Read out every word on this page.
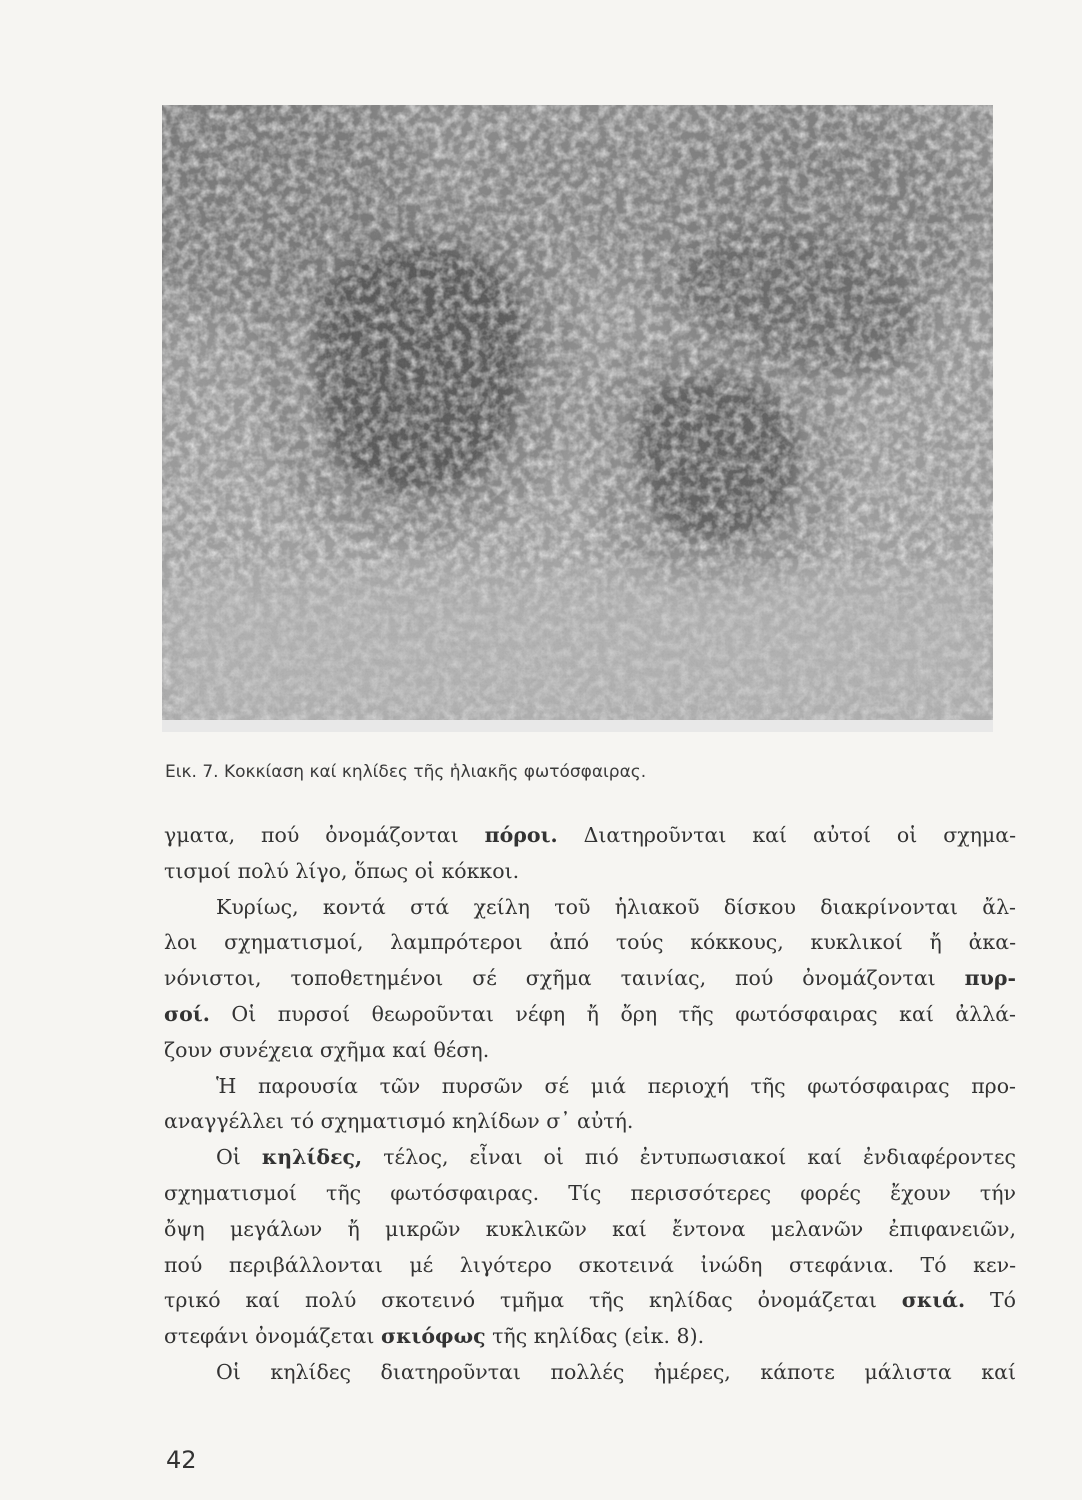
Εικ. 7. Κοκκίαση καί κηλίδες τῆς ἡλιακῆς φωτόσφαιρας.

γματα, πού ὀνομάζονται πόροι. Διατηροῦνται καί αὐτοί οἱ σχημα-
τισμοί πολύ λίγο, ὅπως οἱ κόκκοι.

Κυρίως, κοντά στά χείλη τοῦ ἡλιακοῦ δίσκου διακρίνονται ἄλ-
λοι σχηματισμοί, λαμπρότεροι ἀπό τούς κόκκους, κυκλικοί ἤ ἀκα-
νόνιστοι, τοποθετημένοι σέ σχῆμα ταινίας, πού ὀνομάζονται πυρ-
σοί. Οἱ πυρσοί θεωροῦνται νέφη ἤ ὄρη τῆς φωτόσφαιρας καί ἀλλά-
ζουν συνέχεια σχῆμα καί θέση.

Ἡ παρουσία τῶν πυρσῶν σέ μιά περιοχή τῆς φωτόσφαιρας προ-
αναγγέλλει τό σχηματισμό κηλίδων σ᾽ αὐτή.

Οἱ κηλίδες, τέλος, εἶναι οἱ πιό ἐντυπωσιακοί καί ἐνδιαφέροντες
σχηματισμοί τῆς φωτόσφαιρας. Τίς περισσότερες φορές ἔχουν τήν
ὄψη μεγάλων ἤ μικρῶν κυκλικῶν καί ἔντονα μελανῶν ἐπιφανειῶν,
πού περιβάλλονται μέ λιγότερο σκοτεινά ἰνώδη στεφάνια. Τό κεν-
τρικό καί πολύ σκοτεινό τμῆμα τῆς κηλίδας ὀνομάζεται σκιά. Τό
στεφάνι ὀνομάζεται σκιόφως τῆς κηλίδας (εἰκ. 8).

Οἱ κηλίδες διατηροῦνται πολλές ἡμέρες, κάποτε μάλιστα καί

42
